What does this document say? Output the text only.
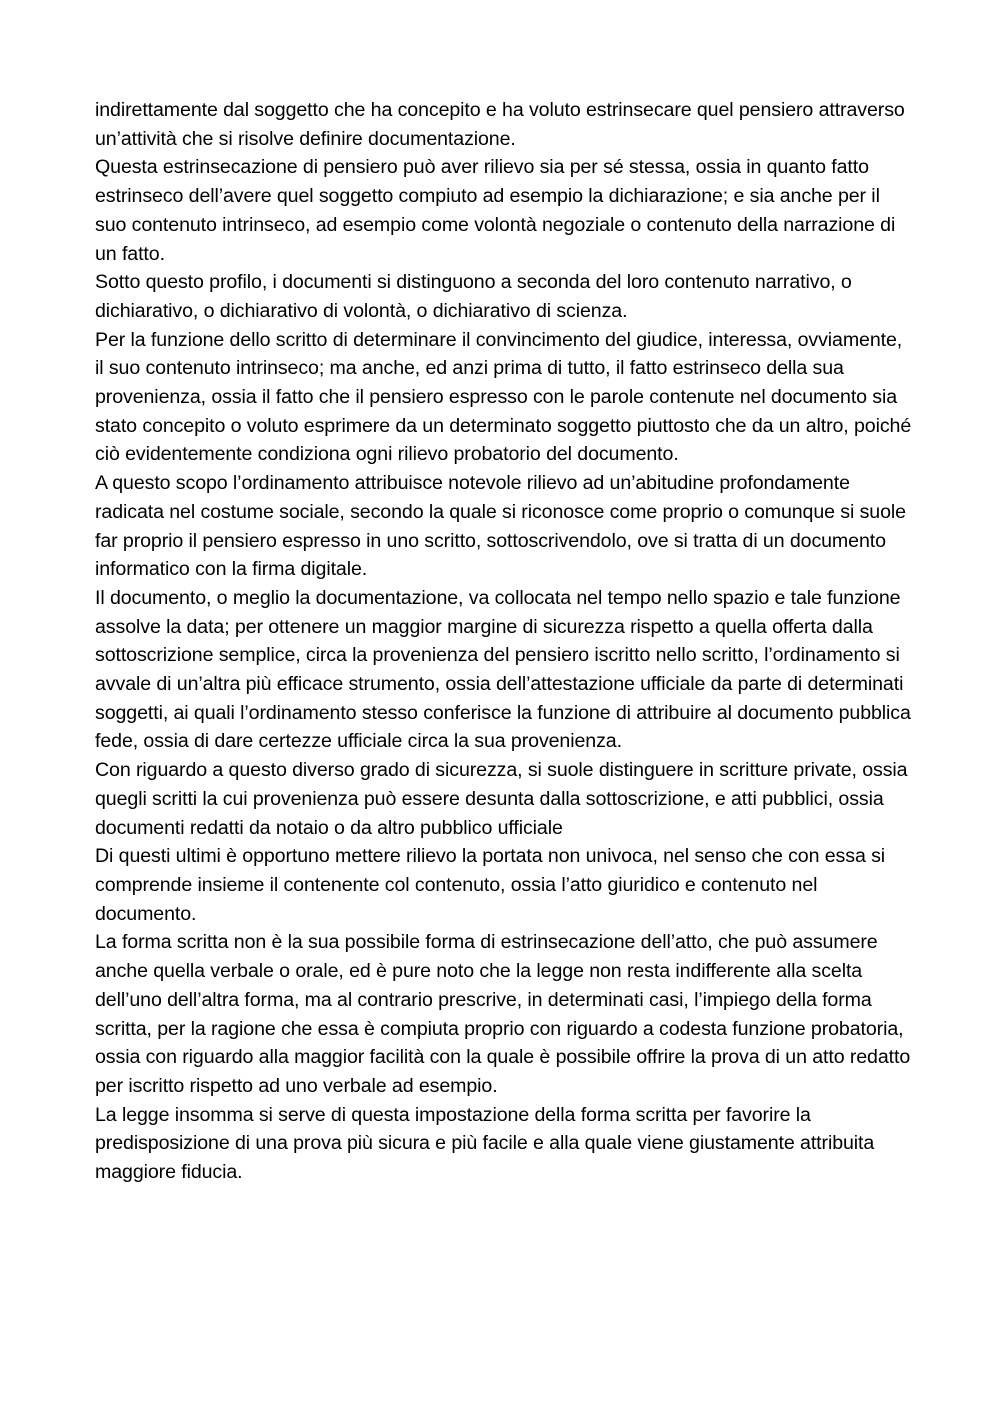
indirettamente dal soggetto che ha concepito e ha voluto estrinsecare quel pensiero attraverso un’attività che si risolve definire documentazione.

Questa estrinsecazione di pensiero può aver rilievo sia per sé stessa, ossia in quanto fatto estrinseco dell’avere quel soggetto compiuto ad esempio la dichiarazione; e sia anche per il suo contenuto intrinseco, ad esempio come volontà negoziale o contenuto della narrazione di un fatto.

Sotto questo profilo, i documenti si distinguono a seconda del loro contenuto narrativo, o dichiarativo, o dichiarativo di volontà, o dichiarativo di scienza.

Per la funzione dello scritto di determinare il convincimento del giudice, interessa, ovviamente, il suo contenuto intrinseco; ma anche, ed anzi prima di tutto, il fatto estrinseco della sua provenienza, ossia il fatto che il pensiero espresso con le parole contenute nel documento sia stato concepito o voluto esprimere da un determinato soggetto piuttosto che da un altro, poiché ciò evidentemente condiziona ogni rilievo probatorio del documento.

A questo scopo l’ordinamento attribuisce notevole rilievo ad un’abitudine profondamente radicata nel costume sociale, secondo la quale si riconosce come proprio o comunque si suole far proprio il pensiero espresso in uno scritto, sottoscrivendolo, ove si tratta di un documento informatico con la firma digitale.

Il documento, o meglio la documentazione, va collocata nel tempo nello spazio e tale funzione assolve la data; per ottenere un maggior margine di sicurezza rispetto a quella offerta dalla sottoscrizione semplice, circa la provenienza del pensiero iscritto nello scritto, l’ordinamento si avvale di un’altra più efficace strumento, ossia dell’attestazione ufficiale da parte di determinati soggetti, ai quali l’ordinamento stesso conferisce la funzione di attribuire al documento pubblica fede, ossia di dare certezze ufficiale circa la sua provenienza.

Con riguardo a questo diverso grado di sicurezza, si suole distinguere in scritture private, ossia quegli scritti la cui provenienza può essere desunta dalla sottoscrizione, e atti pubblici, ossia documenti redatti da notaio o da altro pubblico ufficiale

Di questi ultimi è opportuno mettere rilievo la portata non univoca, nel senso che con essa si comprende insieme il contenente col contenuto, ossia l’atto giuridico e contenuto nel documento.

La forma scritta non è la sua possibile forma di estrinsecazione dell’atto, che può assumere anche quella verbale o orale, ed è pure noto che la legge non resta indifferente alla scelta dell’uno dell’altra forma, ma al contrario prescrive, in determinati casi, l’impiego della forma scritta, per la ragione che essa è compiuta proprio con riguardo a codesta funzione probatoria, ossia con riguardo alla maggior facilità con la quale è possibile offrire la prova di un atto redatto per iscritto rispetto ad uno verbale ad esempio.

La legge insomma si serve di questa impostazione della forma scritta per favorire la predisposizione di una prova più sicura e più facile e alla quale viene giustamente attribuita maggiore fiducia.
